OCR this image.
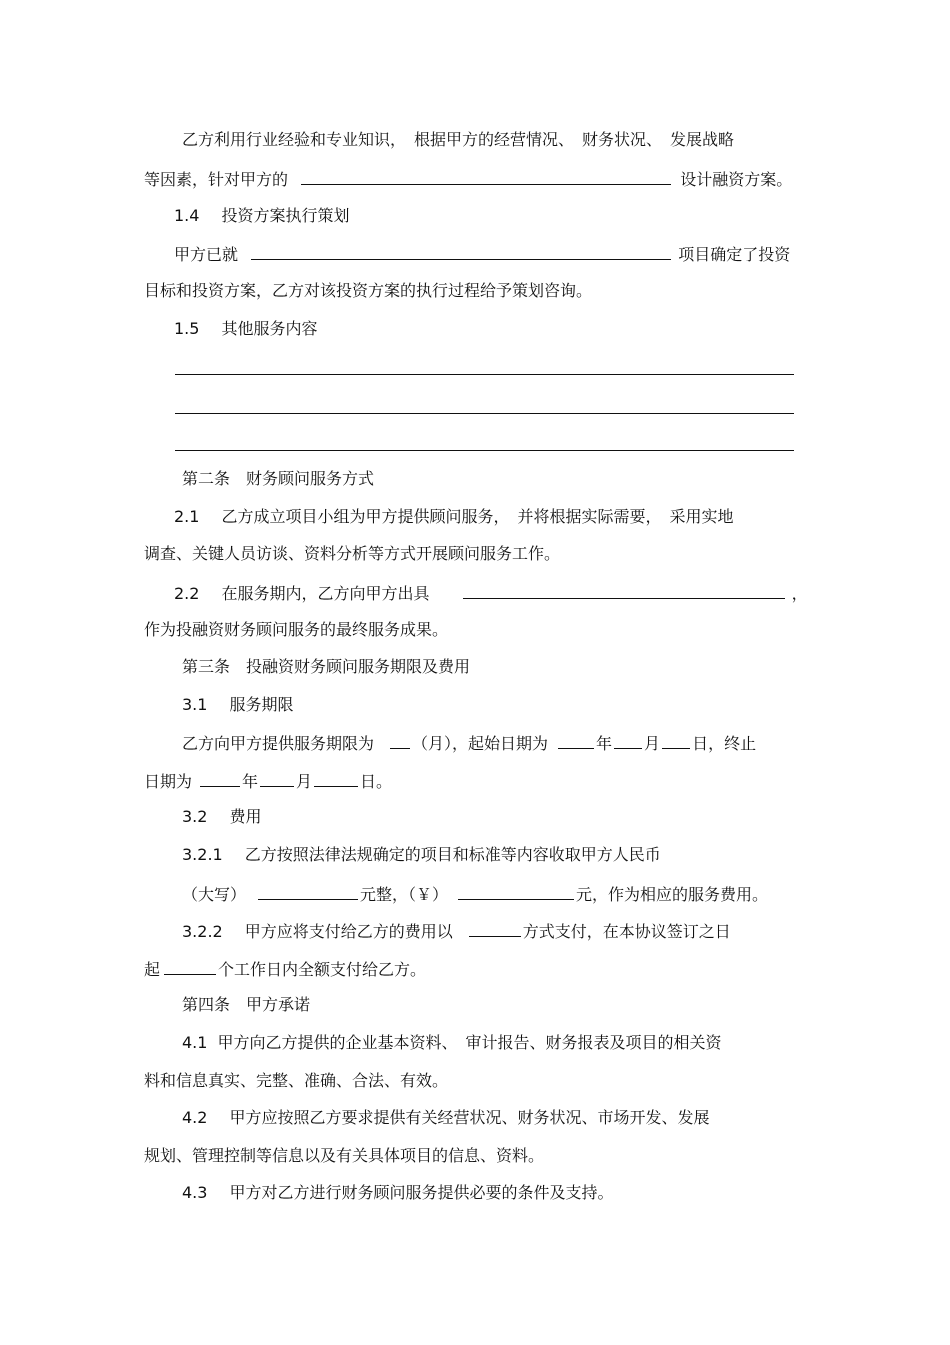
乙方利用行业经验和专业知识，　根据甲方的经营情况、　财务状况、　发展战略
等因素，针对甲方的	设计融资方案。
1.4 投资方案执行策划
甲方已就	项目确定了投资
目标和投资方案，乙方对该投资方案的执行过程给予策划咨询。
1.5 其他服务内容
第二条　财务顾问服务方式
2.1 乙方成立项目小组为甲方提供顾问服务，　并将根据实际需要，　采用实地
调查、关键人员访谈、资料分析等方式开展顾问服务工作。
2.2 在服务期内，乙方向甲方出具	，
作为投融资财务顾问服务的最终服务成果。
第三条　投融资财务顾问服务期限及费用
3.1 服务期限
乙方向甲方提供服务期限为 （月），起始日期为	年 月 日，终止
日期为	年 月	日。
3.2 费用
3.2.1 乙方按照法律法规确定的项目和标准等内容收取甲方人民币
（大写）	元整，（￥）	元，作为相应的服务费用。
3.2.2 甲方应将支付给乙方的费用以	方式支付，在本协议签订之日
起	个工作日内全额支付给乙方。
第四条　甲方承诺
4.1 甲方向乙方提供的企业基本资料、　审计报告、财务报表及项目的相关资
料和信息真实、完整、准确、合法、有效。
4.2 甲方应按照乙方要求提供有关经营状况、财务状况、市场开发、发展
规划、管理控制等信息以及有关具体项目的信息、资料。
4.3 甲方对乙方进行财务顾问服务提供必要的条件及支持。
